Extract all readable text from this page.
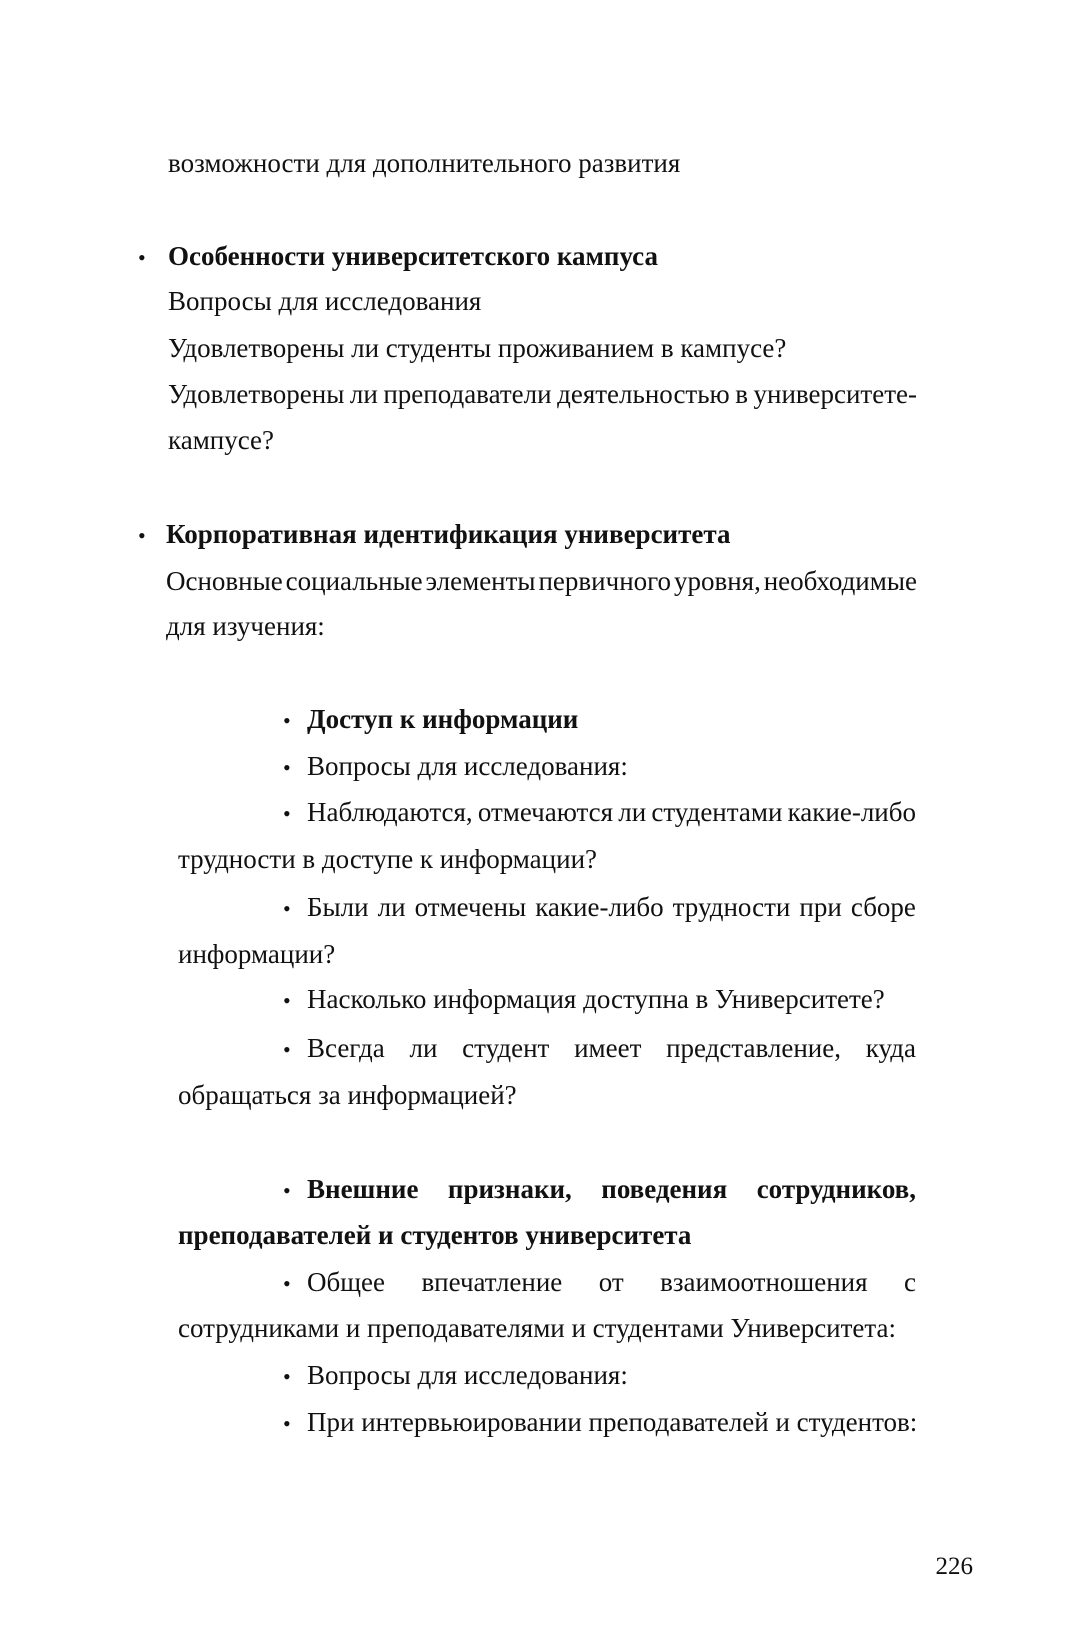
возможности для дополнительного развития
• Особенности университетского кампуса
Вопросы для исследования
Удовлетворены ли студенты проживанием в кампусе?
Удовлетворены ли преподаватели деятельностью в университете-
кампусе?
• Корпоративная идентификация университета
Основные социальные элементы первичного уровня, необходимые
для изучения:
• Доступ к информации
• Вопросы для исследования:
• Наблюдаются, отмечаются ли студентами какие-либо
трудности в доступе к информации?
• Были ли отмечены какие-либо трудности при сборе
информации?
• Насколько информация доступна в Университете?
• Всегда ли студент имеет представление, куда
обращаться за информацией?
• Внешние признаки, поведения сотрудников,
преподавателей и студентов университета
• Общее впечатление от взаимоотношения с
сотрудниками и преподавателями и студентами Университета:
• Вопросы для исследования:
• При интервьюировании преподавателей и студентов:
226
